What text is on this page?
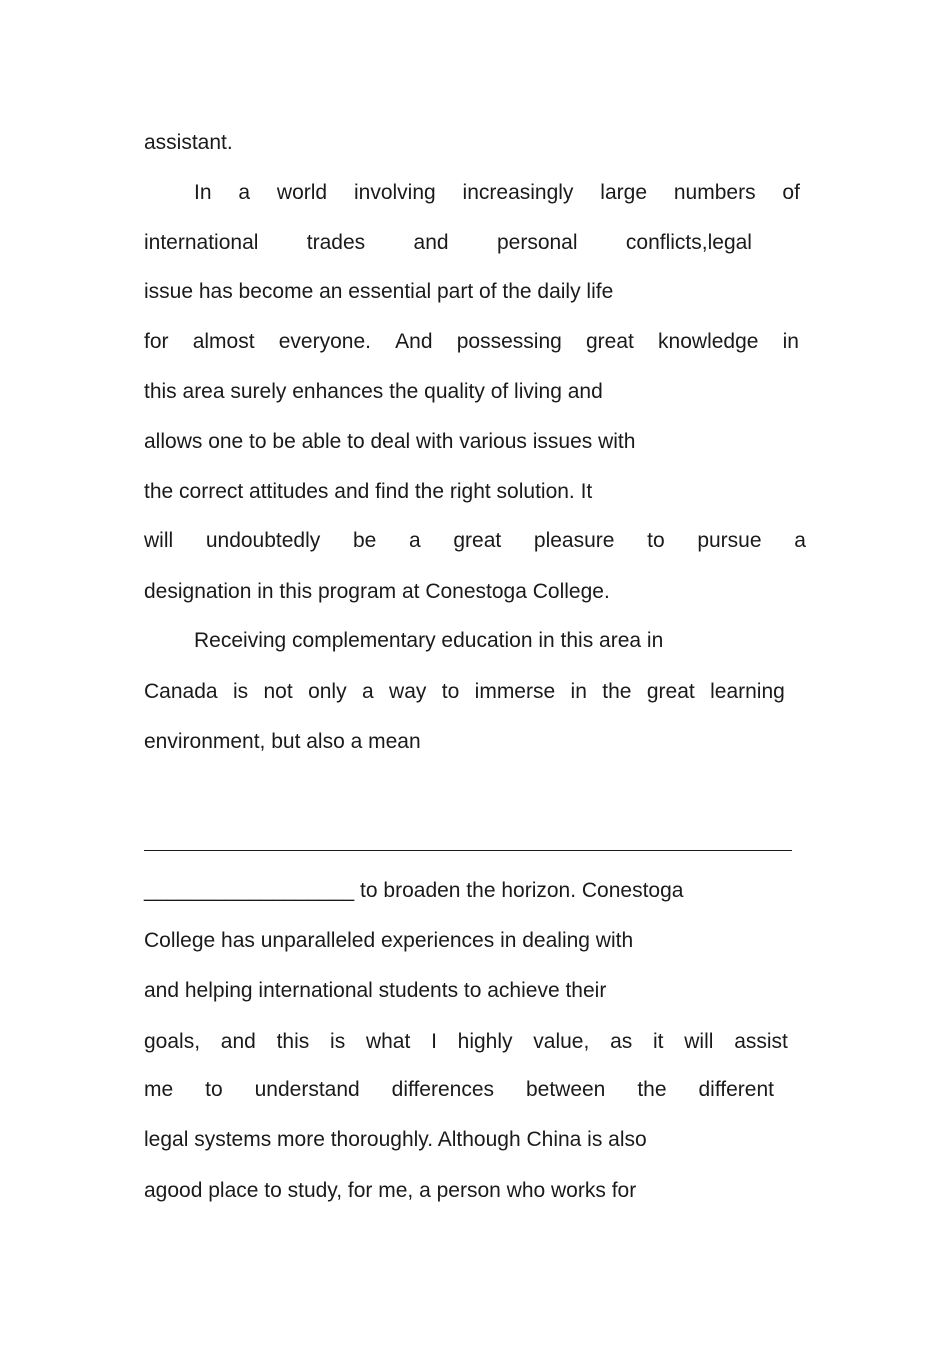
assistant.
In a world involving increasingly large numbers of
international trades and personal conflicts,legal
issue has become an essential part of the daily life
for almost everyone. And possessing great knowledge in
this area surely enhances the quality of living and
allows one to be able to deal with various issues with
the correct attitudes and find the right solution. It
will undoubtedly be a great pleasure to pursue a
designation in this program at Conestoga College.
Receiving complementary education in this area in
Canada is not only a way to immerse in the great learning
environment, but also a mean
__________________ to broaden the horizon. Conestoga
College has unparalleled experiences in dealing with
and helping international students to achieve their
goals, and this is what I highly value, as it will assist
me to understand differences between the different
legal systems more thoroughly. Although China is also
agood place to study, for me, a person who works for
